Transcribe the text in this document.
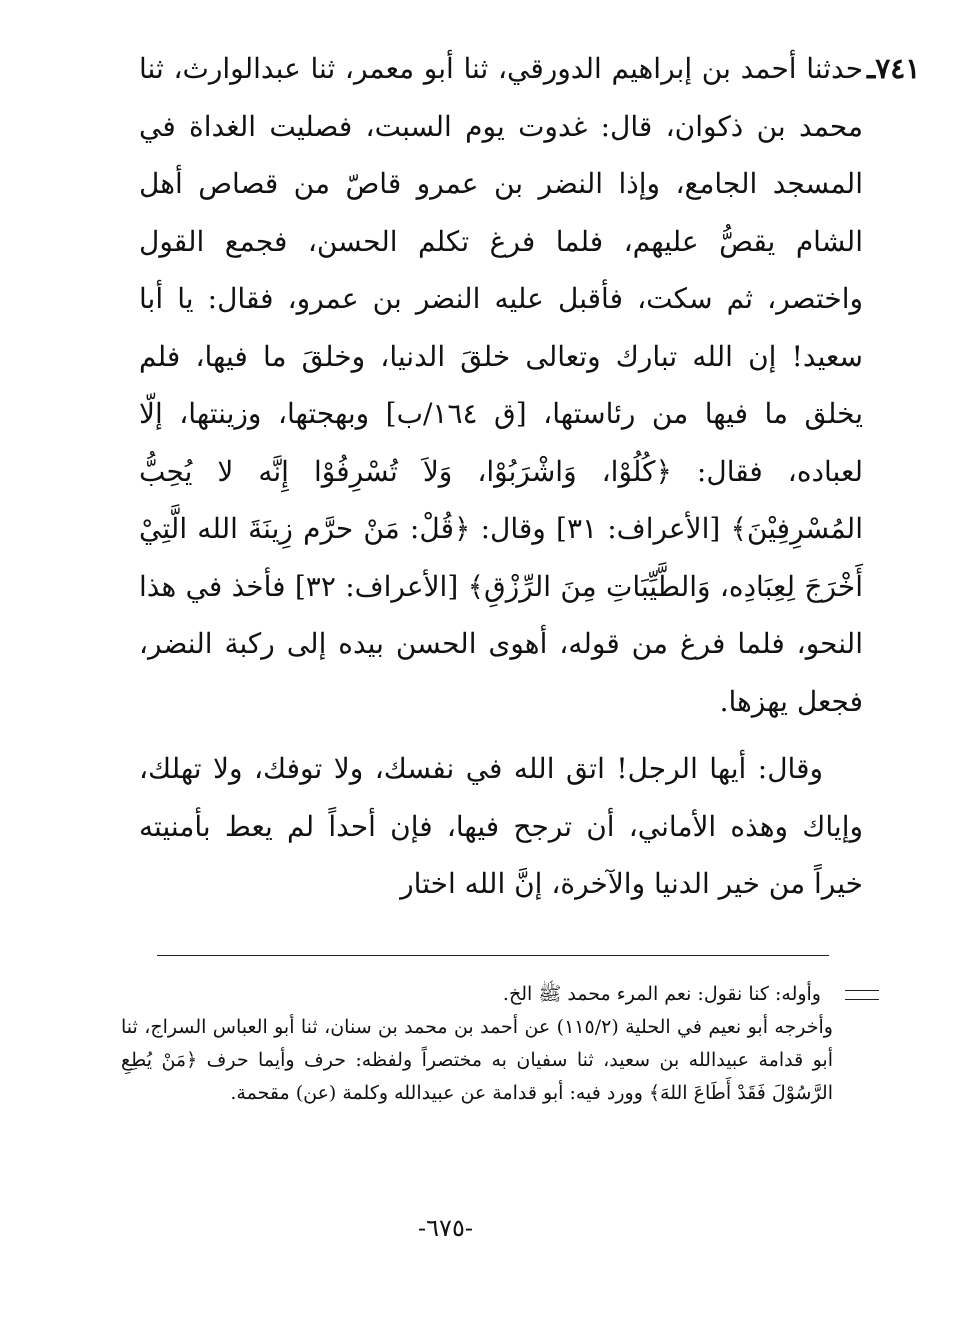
٧٤١ـ

حدثنا أحمد بن إبراهيم الدورقي، ثنا أبو معمر، ثنا عبدالوارث، ثنا محمد بن ذكوان، قال: غدوت يوم السبت، فصليت الغداة في المسجد الجامع، وإذا النضر بن عمرو قاصّ من قصاص أهل الشام يقصُّ عليهم، فلما فرغ تكلم الحسن، فجمع القول واختصر، ثم سكت، فأقبل عليه النضر بن عمرو، فقال: يا أبا سعيد! إن الله تبارك وتعالى خلقَ الدنيا، وخلقَ ما فيها، فلم يخلق ما فيها من رئاستها، [ق ١٦٤/ب] وبهجتها، وزينتها، إلّا لعباده، فقال: ﴿كُلُوْا، وَاشْرَبُوْا، وَلاَ تُسْرِفُوْا إِنَّه لا يُحِبُّ المُسْرِفِيْنَ﴾ [الأعراف: ٣١] وقال: ﴿قُلْ: مَنْ حرَّم زِينَةَ الله الَّتِيْ أَخْرَجَ لِعِبَادِه، وَالطَّيِّبَاتِ مِنَ الرِّزْقِ﴾ [الأعراف: ٣٢] فأخذ في هذا النحو، فلما فرغ من قوله، أهوى الحسن بيده إلى ركبة النضر، فجعل يهزها.

وقال: أيها الرجل! اتق الله في نفسك، ولا توفك، ولا تهلك، وإياك وهذه الأماني، أن ترجح فيها، فإن أحداً لم يعط بأمنيته خيراً من خير الدنيا والآخرة، إنَّ الله اختار

وأوله: كنا نقول: نعم المرء محمد ﷺ الخ.

وأخرجه أبو نعيم في الحلية (١١٥/٢) عن أحمد بن محمد بن سنان، ثنا أبو العباس السراج، ثنا أبو قدامة عبيدالله بن سعيد، ثنا سفيان به مختصراً ولفظه: حرف وأيما حرف ﴿مَنْ يُطِعِ الرَّسُوْلَ فَقَدْ أَطَاعَ اللهَ﴾ وورد فيه: أبو قدامة عن عبيدالله وكلمة (عن) مقحمة.

-٦٧٥-
